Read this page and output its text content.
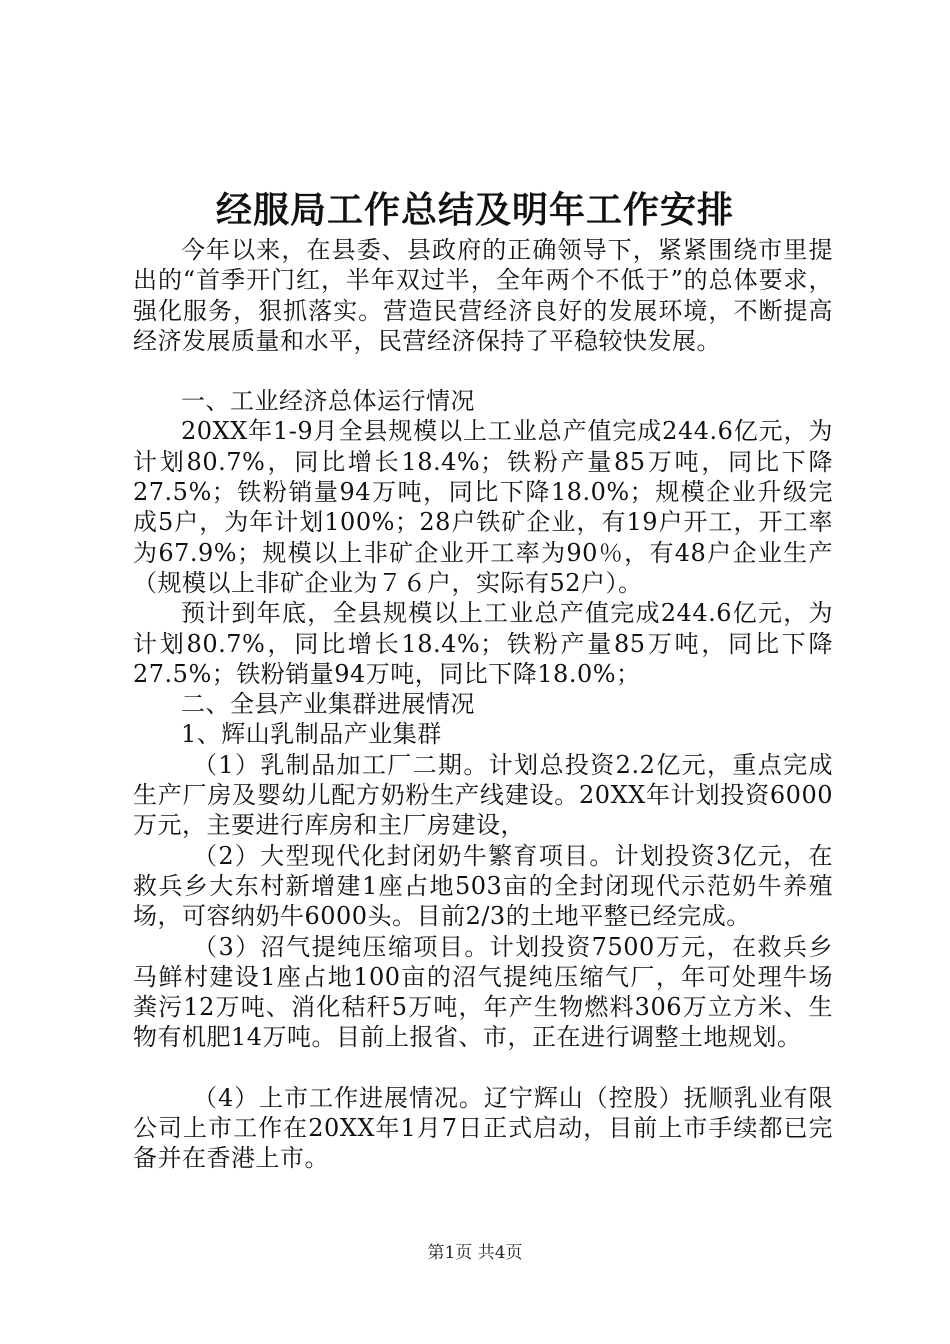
经服局工作总结及明年工作安排

今年以来，在县委、县政府的正确领导下，紧紧围绕市里提出的“首季开门红，半年双过半，全年两个不低于”的总体要求，强化服务，狠抓落实。营造民营经济良好的发展环境，不断提高经济发展质量和水平，民营经济保持了平稳较快发展。

一、工业经济总体运行情况

20XX年1-9月全县规模以上工业总产值完成244.6亿元，为计划80.7%，同比增长18.4%；铁粉产量85万吨，同比下降27.5%；铁粉销量94万吨，同比下降18.0%；规模企业升级完成5户，为年计划100%；28户铁矿企业，有19户开工，开工率为67.9%；规模以上非矿企业开工率为90％，有48户企业生产（规模以上非矿企业为７６户，实际有52户）。

预计到年底，全县规模以上工业总产值完成244.6亿元，为计划80.7%，同比增长18.4%；铁粉产量85万吨，同比下降27.5%；铁粉销量94万吨，同比下降18.0%；

二、全县产业集群进展情况

1、辉山乳制品产业集群

（1）乳制品加工厂二期。计划总投资2.2亿元，重点完成生产厂房及婴幼儿配方奶粉生产线建设。20XX年计划投资6000万元，主要进行库房和主厂房建设，

（2）大型现代化封闭奶牛繁育项目。计划投资3亿元，在救兵乡大东村新增建1座占地503亩的全封闭现代示范奶牛养殖场，可容纳奶牛6000头。目前2/3的土地平整已经完成。

（3）沼气提纯压缩项目。计划投资7500万元，在救兵乡马鲜村建设1座占地100亩的沼气提纯压缩气厂，年可处理牛场粪污12万吨、消化秸秆5万吨，年产生物燃料306万立方米、生物有机肥14万吨。目前上报省、市，正在进行调整土地规划。

（4）上市工作进展情况。辽宁辉山（控股）抚顺乳业有限公司上市工作在20XX年1月7日正式启动，目前上市手续都已完备并在香港上市。

第1页 共4页
